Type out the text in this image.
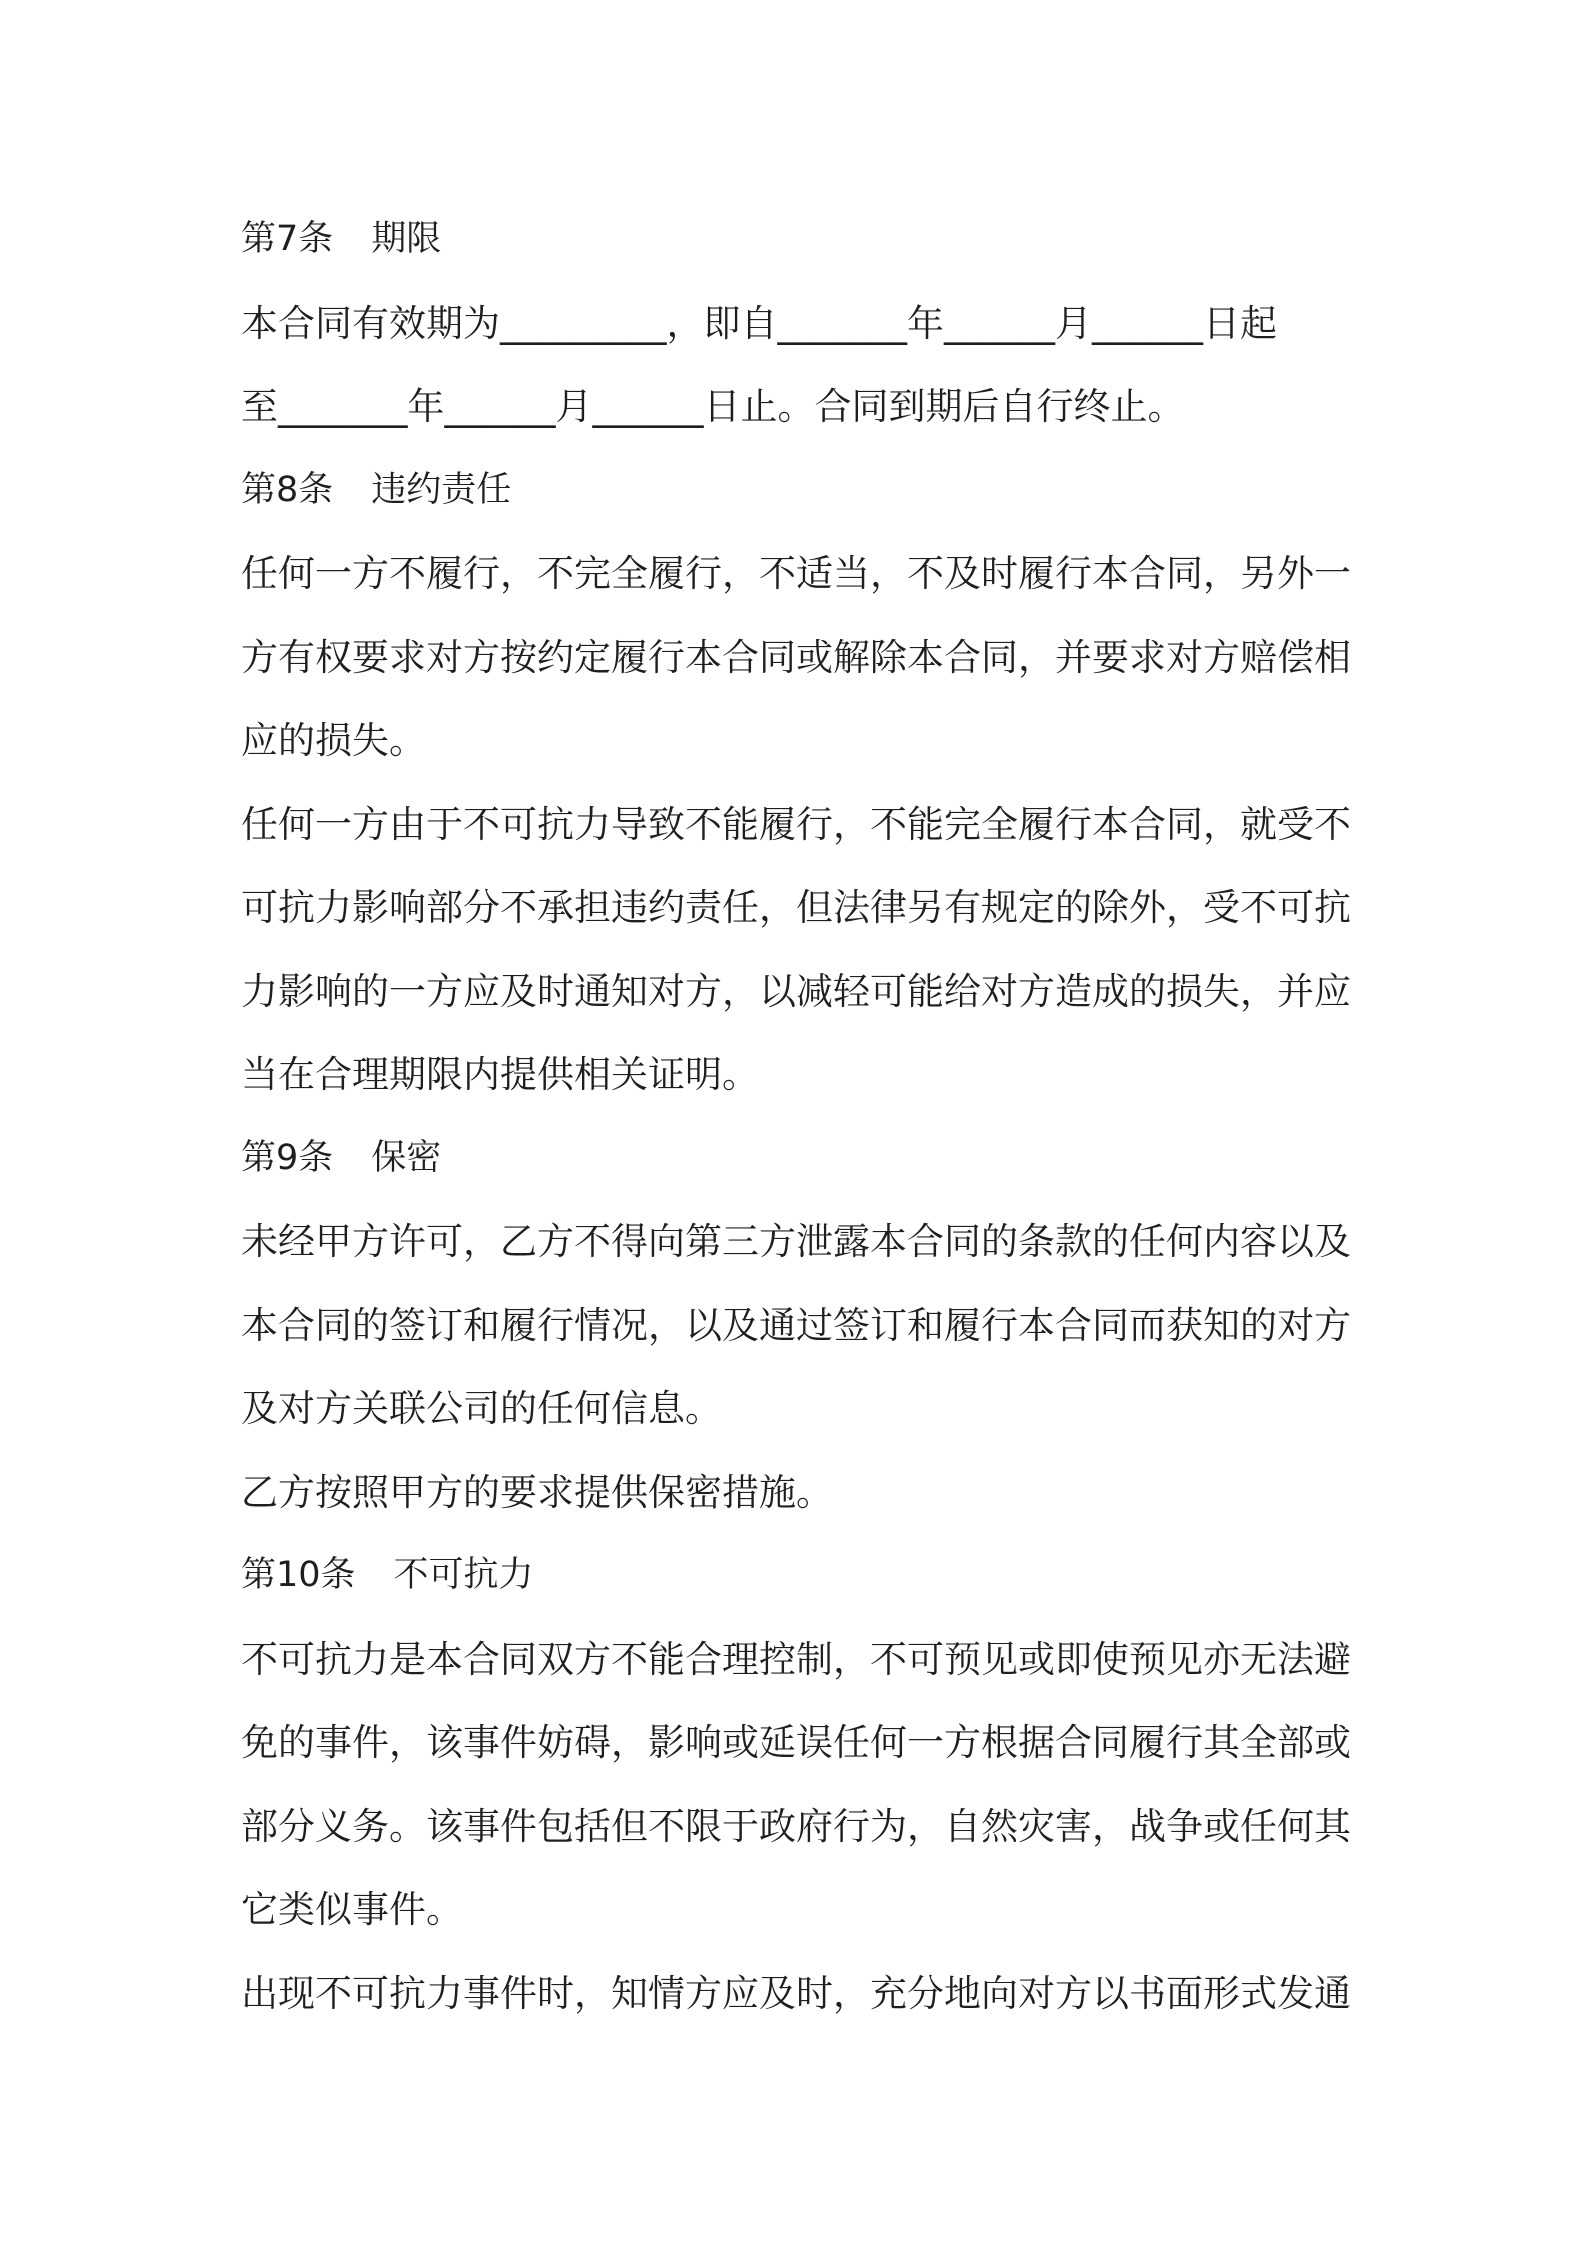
第7条 期限
本合同有效期为_________，即自_______年______月______日起
至_______年______月______日止。合同到期后自行终止。
第8条 违约责任
任何一方不履行，不完全履行，不适当，不及时履行本合同，另外一
方有权要求对方按约定履行本合同或解除本合同，并要求对方赔偿相
应的损失。
任何一方由于不可抗力导致不能履行，不能完全履行本合同，就受不
可抗力影响部分不承担违约责任，但法律另有规定的除外，受不可抗
力影响的一方应及时通知对方，以减轻可能给对方造成的损失，并应
当在合理期限内提供相关证明。
第9条 保密
未经甲方许可，乙方不得向第三方泄露本合同的条款的任何内容以及
本合同的签订和履行情况，以及通过签订和履行本合同而获知的对方
及对方关联公司的任何信息。
乙方按照甲方的要求提供保密措施。
第10条 不可抗力
不可抗力是本合同双方不能合理控制，不可预见或即使预见亦无法避
免的事件，该事件妨碍，影响或延误任何一方根据合同履行其全部或
部分义务。该事件包括但不限于政府行为，自然灾害，战争或任何其
它类似事件。
出现不可抗力事件时，知情方应及时，充分地向对方以书面形式发通
